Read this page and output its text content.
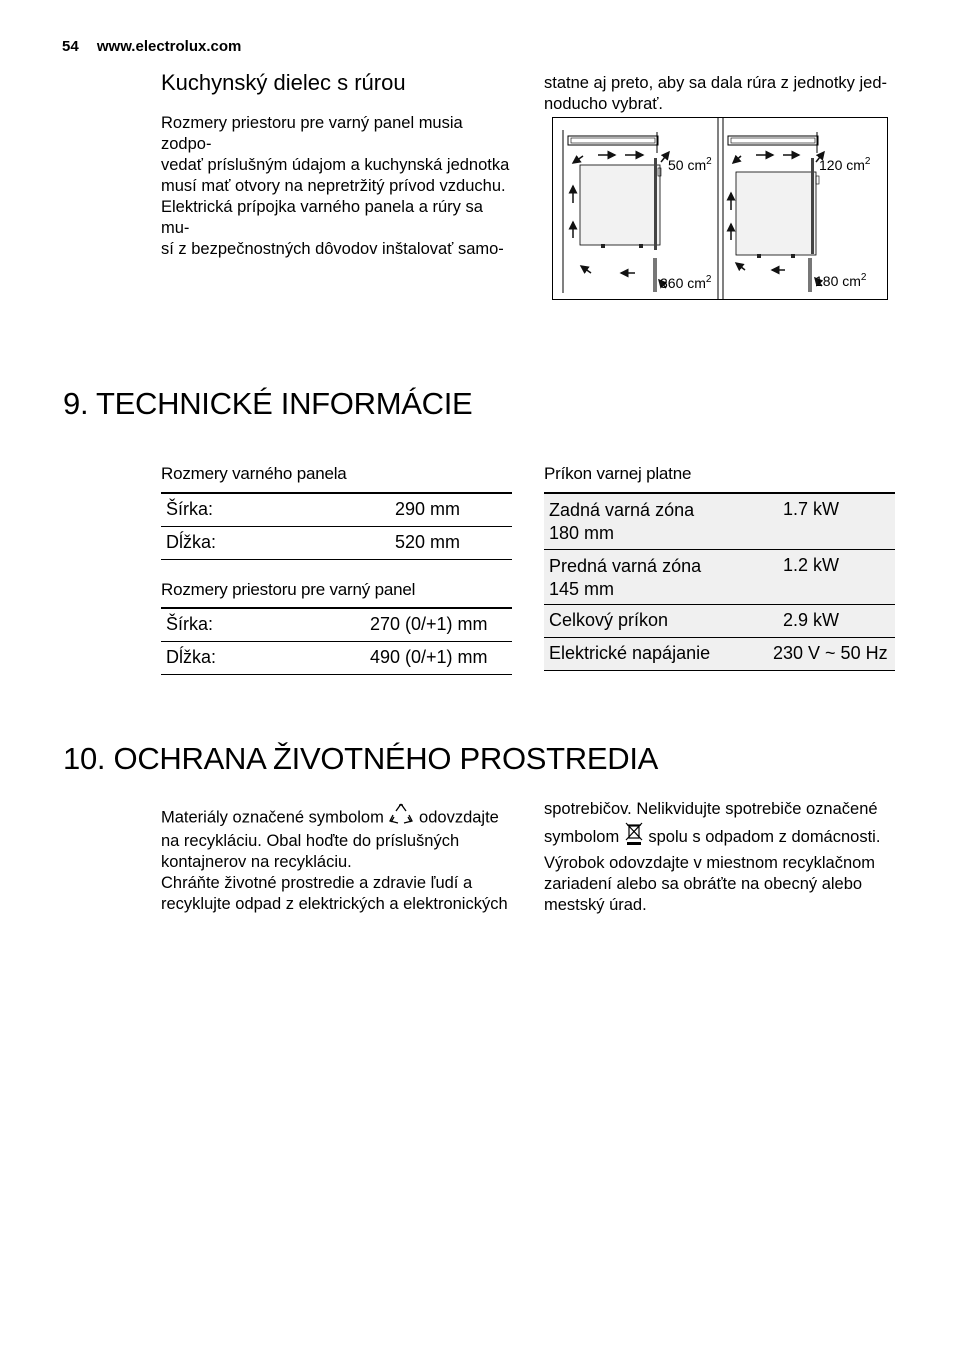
54 www.electrolux.com
Kuchynský dielec s rúrou
Rozmery priestoru pre varný panel musia zodpo-
vedať príslušným údajom a kuchynská jednotka
musí mať otvory na nepretržitý prívod vzduchu.
Elektrická prípojka varného panela a rúry sa mu-
sí z bezpečnostných dôvodov inštalovať samo-
statne aj preto, aby sa dala rúra z jednotky jed-
noducho vybrať.
50 $cm^2$
360 $cm^2$
120 $cm^2$
180 $cm^2$
9. TECHNICKÉ INFORMÁCIE
Rozmery varného panela
Šírka:	290 mm
Dĺžka:	520 mm
Rozmery priestoru pre varný panel
Šírka:	270 (0/+1) mm
Dĺžka:	490 (0/+1) mm
Príkon varnej platne
Zadná varná zóna
180 mm	1.7 kW

Predná varná zóna
145 mm	1.2 kW
Celkový príkon	2.9 kW
Elektrické napájanie	230 V ~ 50 Hz
10. OCHRANA ŽIVOTNÉHO PROSTREDIA
Materiály označené symbolom odovzdajte
na recykláciu. Obal hoďte do príslušných
kontajnerov na recykláciu.
Chráňte životné prostredie a zdravie ľudí a
recyklujte odpad z elektrických a elektronických
spotrebičov. Nelikvidujte spotrebiče označené
symbolom spolu s odpadom z domácnosti.
Výrobok odovzdajte v miestnom recyklačnom
zariadení alebo sa obráťte na obecný alebo
mestský úrad.
